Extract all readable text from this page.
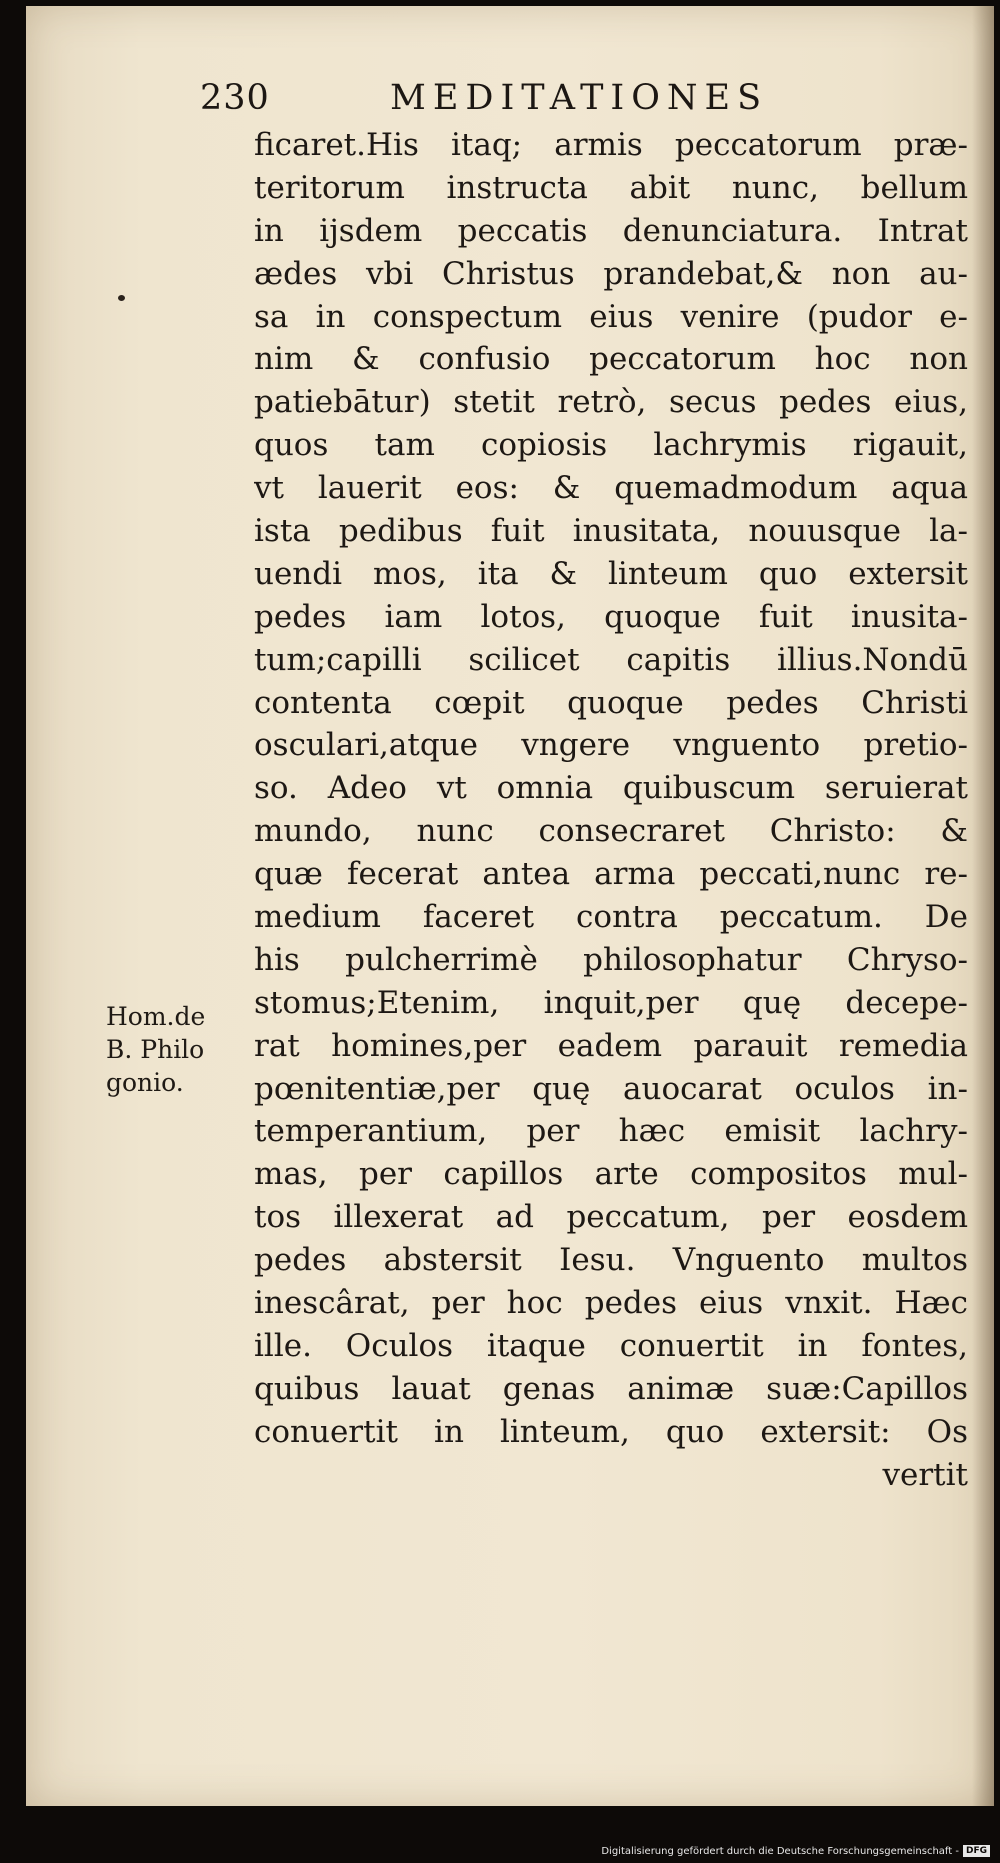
230	MEDITATIONES
Hom.de
B. Philo
gonio.
ficaret.His itaq; armis peccatorum præ-
teritorum instructa abit nunc, bellum
in ijsdem peccatis denunciatura. Intrat
ædes vbi Christus prandebat,& non au-
sa in conspectum eius venire (pudor e-
nim & confusio peccatorum hoc non
patiebātur) stetit retrò, secus pedes eius,
quos tam copiosis lachrymis rigauit,
vt lauerit eos: & quemadmodum aqua
ista pedibus fuit inusitata, nouusque la-
uendi mos, ita & linteum quo extersit
pedes iam lotos, quoque fuit inusita-
tum;capilli scilicet capitis illius.Nondū
contenta cœpit quoque pedes Christi
osculari,atque vngere vnguento pretio-
so. Adeo vt omnia quibuscum seruierat
mundo, nunc consecraret Christo: &
quæ fecerat antea arma peccati,nunc re-
medium faceret contra peccatum. De
his pulcherrimè philosophatur Chryso-
stomus;Etenim, inquit,per quę decepe-
rat homines,per eadem parauit remedia
pœnitentiæ,per quę auocarat oculos in-
temperantium, per hæc emisit lachry-
mas, per capillos arte compositos mul-
tos illexerat ad peccatum, per eosdem
pedes abstersit Iesu. Vnguento multos
inescârat, per hoc pedes eius vnxit. Hæc
ille. Oculos itaque conuertit in fontes,
quibus lauat genas animæ suæ:Capillos
conuertit in linteum, quo extersit: Os
vertit
Digitalisierung gefördert durch die Deutsche Forschungsgemeinschaft - DFG
